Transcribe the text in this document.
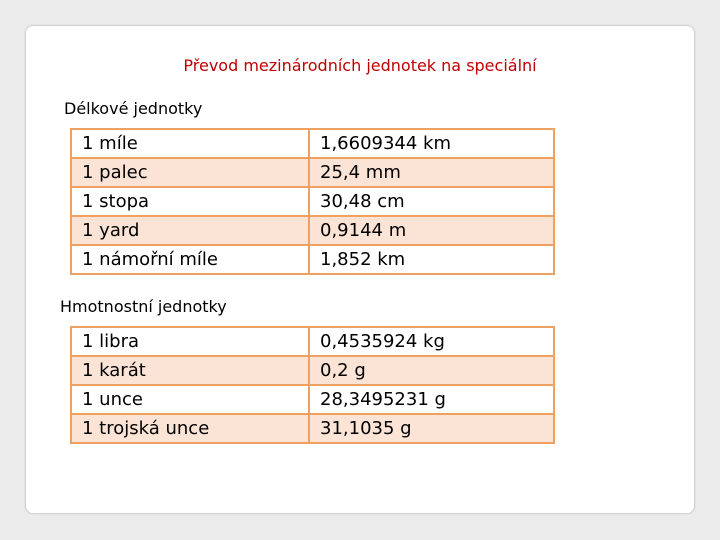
Převod mezinárodních jednotek na speciální
Délkové jednotky
1 míle	1,6609344 km
1 palec	25,4 mm
1 stopa	30,48 cm
1 yard	0,9144 m
1 námořní míle	1,852 km
Hmotnostní jednotky
1 libra	0,4535924 kg
1 karát	0,2 g
1 unce	28,3495231 g
1 trojská unce	31,1035 g
